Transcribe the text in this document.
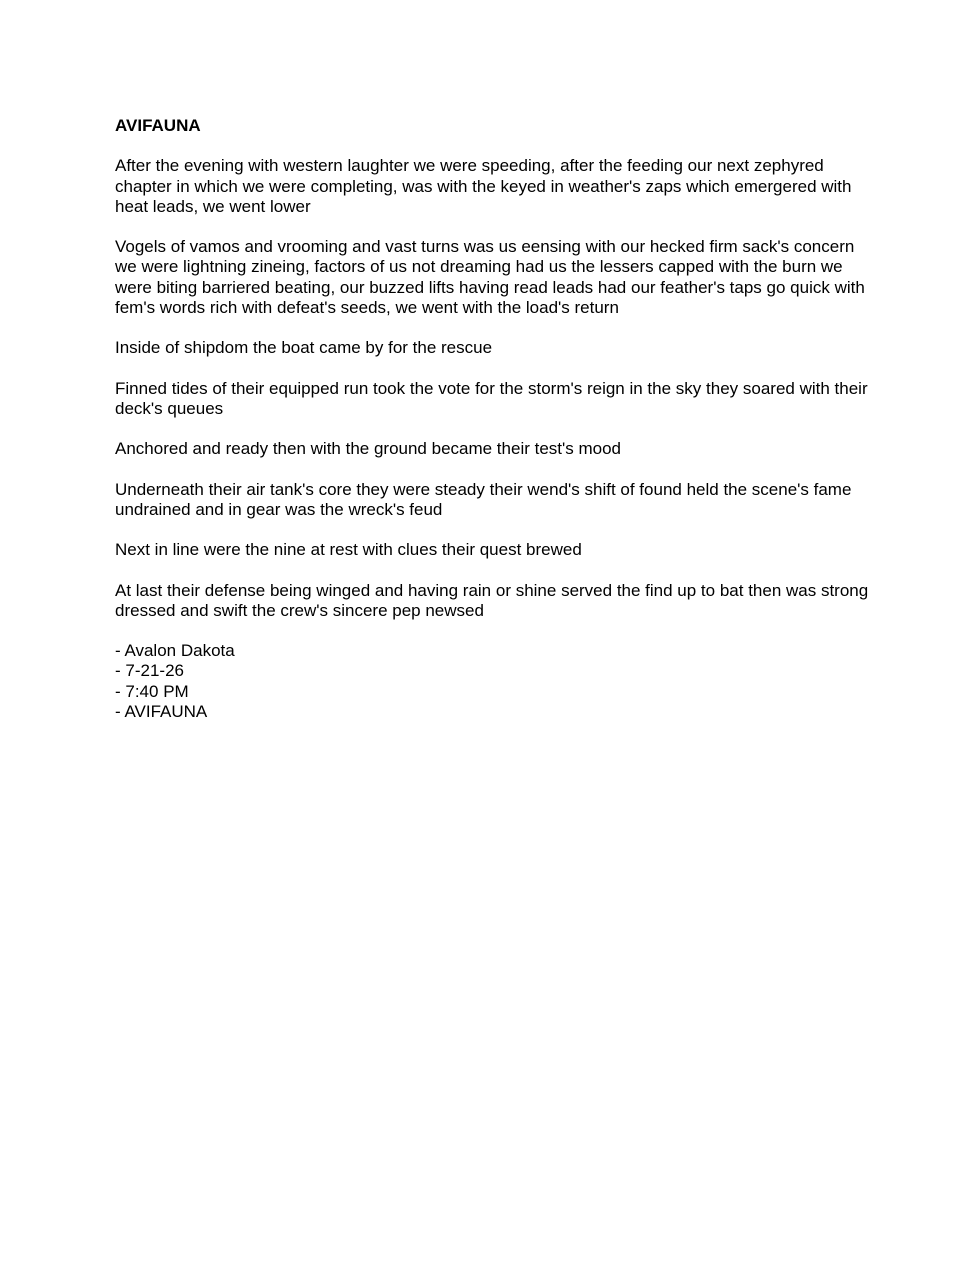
AVIFAUNA
After the evening with western laughter we were speeding, after the feeding our next zephyred chapter in which we were completing, was with the keyed in weather's zaps which emergered with heat leads, we went lower
Vogels of vamos and vrooming and vast turns was us eensing with our hecked firm sack's concern we were lightning zineing, factors of us not dreaming had us the lessers capped with the burn we were biting barriered beating, our buzzed lifts having read leads had our feather's taps go quick with fem's words rich with defeat's seeds, we went with the load's return
Inside of shipdom the boat came by for the rescue
Finned tides of their equipped run took the vote for the storm's reign in the sky they soared with their deck's queues
Anchored and ready then with the ground became their test's mood
Underneath their air tank's core they were steady their wend's shift of found held the scene's fame undrained and in gear was the wreck's feud
Next in line were the nine at rest with clues their quest brewed
At last their defense being winged and having rain or shine served the find up to bat then was strong dressed and swift the crew's sincere pep newsed
- Avalon Dakota
- 7-21-26
- 7:40 PM
- AVIFAUNA
